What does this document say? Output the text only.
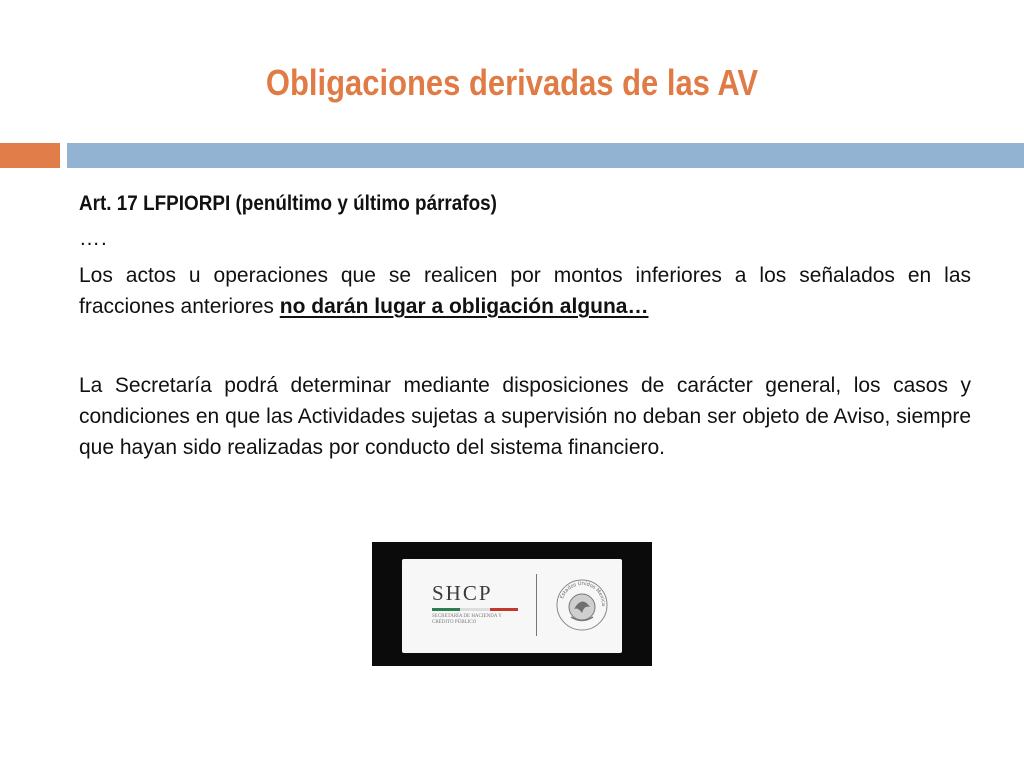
Obligaciones derivadas de las AV

Art. 17 LFPIORPI (penúltimo y último párrafos)

….

Los actos u operaciones que se realicen por montos inferiores a los señalados en las fracciones anteriores no darán lugar a obligación alguna…

La Secretaría podrá determinar mediante disposiciones de carácter general, los casos y condiciones en que las Actividades sujetas a supervisión no deban ser objeto de Aviso, siempre que hayan sido realizadas por conducto del sistema financiero.

SHCP
SECRETARÍA DE HACIENDA Y CRÉDITO PÚBLICO
Estados Unidos Mexica
